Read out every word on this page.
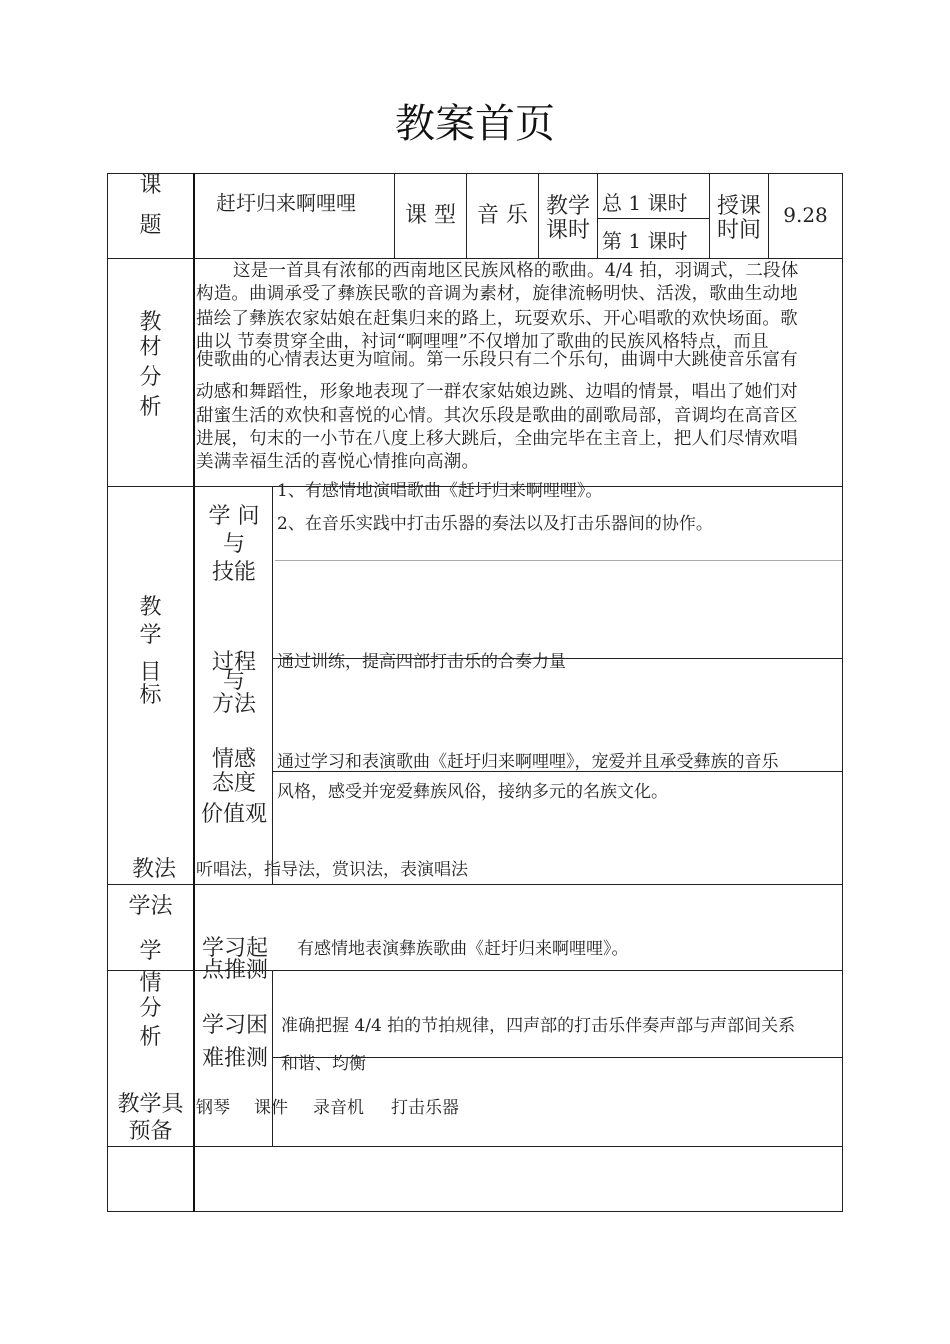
教案首页
课
题
赶圩归来啊哩哩	课 型 音 乐 教学
课时
总 1 课时
第 1 课时
授课
时间
9.28
教
材
分
析
这是一首具有浓郁的西南地区民族风格的歌曲。4/4 拍，羽调式，二段体
构造。曲调承受了彝族民歌的音调为素材，旋律流畅明快、活泼，歌曲生动地
描绘了彝族农家姑娘在赶集归来的路上，玩耍欢乐、开心唱歌的欢快场面。歌
曲以 节奏贯穿全曲，衬词“啊哩哩”不仅增加了歌曲的民族风格特点，而且
使歌曲的心情表达更为喧闹。第一乐段只有二个乐句，曲调中大跳使音乐富有
动感和舞蹈性，形象地表现了一群农家姑娘边跳、边唱的情景，唱出了她们对
甜蜜生活的欢快和喜悦的心情。其次乐段是歌曲的副歌局部，音调均在高音区
进展，句末的一小节在八度上移大跳后，全曲完毕在主音上，把人们尽情欢唱
美满幸福生活的喜悦心情推向高潮。
教
学
目
标
学 问
与
技能
1、有感情地演唱歌曲《赶圩归来啊哩哩》。
2、在音乐实践中打击乐器的奏法以及打击乐器间的协作。
过程
与
方法
通过训练，提高四部打击乐的合奏力量
情感
态度
价值观
通过学习和表演歌曲《赶圩归来啊哩哩》，宠爱并且承受彝族的音乐
风格，感受并宠爱彝族风俗，接纳多元的名族文化。
教法	听唱法，指导法，赏识法，表演唱法
学法
学
情
分
析
学习起
点推测
有感情地表演彝族歌曲《赶圩归来啊哩哩》。
学习困
难推测
准确把握 4/4 拍的节拍规律，四声部的打击乐伴奏声部与声部间关系
和谐、均衡
教学具
预备
钢琴 课件 录音机 打击乐器
